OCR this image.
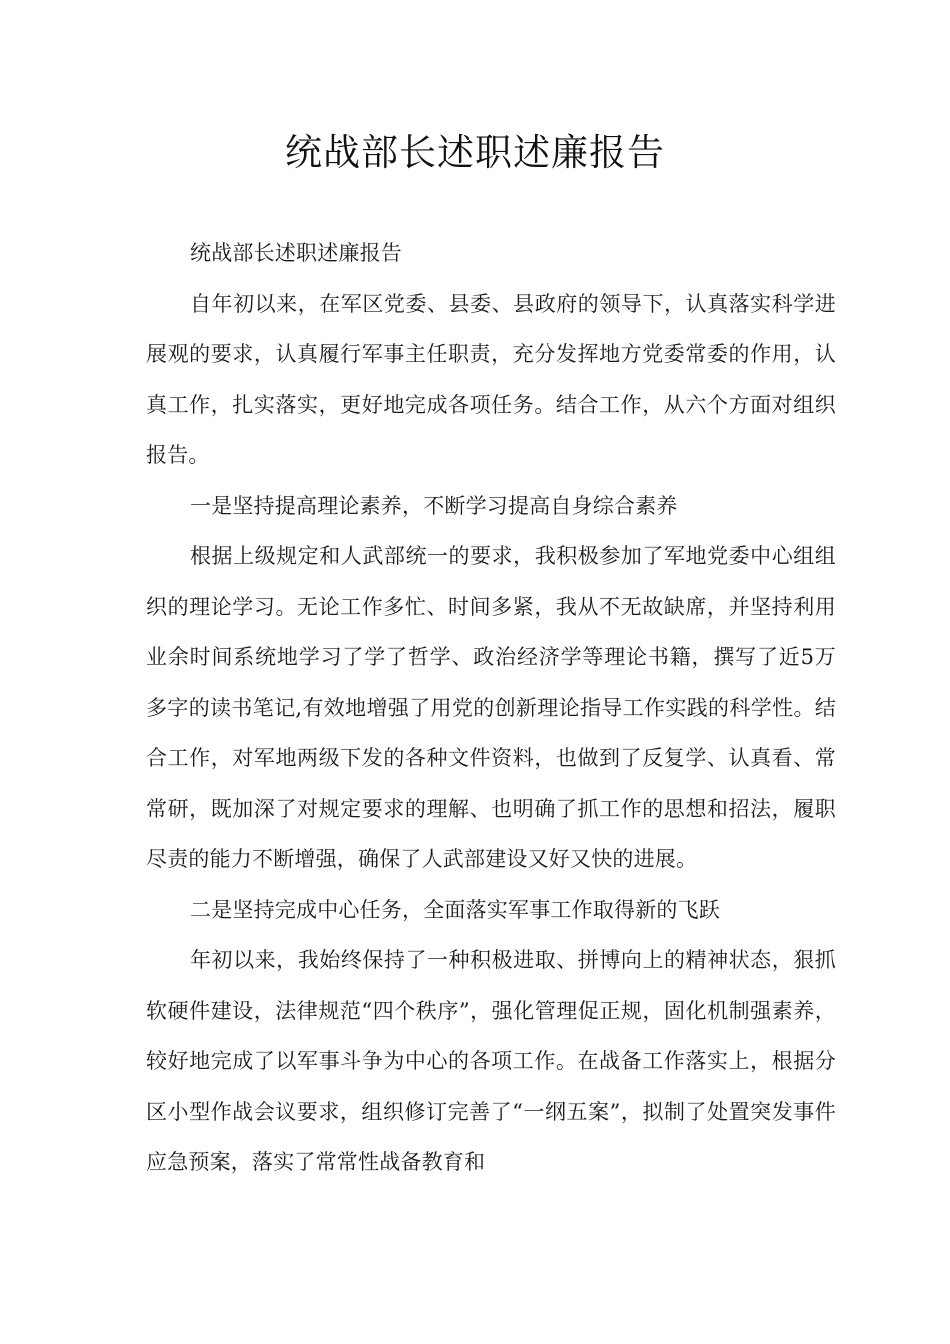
统战部长述职述廉报告

统战部长述职述廉报告

自年初以来，在军区党委、县委、县政府的领导下，认真落实科学进展观的要求，认真履行军事主任职责，充分发挥地方党委常委的作用，认真工作，扎实落实，更好地完成各项任务。结合工作，从六个方面对组织报告。

一是坚持提高理论素养，不断学习提高自身综合素养

根据上级规定和人武部统一的要求，我积极参加了军地党委中心组组织的理论学习。无论工作多忙、时间多紧，我从不无故缺席，并坚持利用业余时间系统地学习了学了哲学、政治经济学等理论书籍，撰写了近5万多字的读书笔记,有效地增强了用党的创新理论指导工作实践的科学性。结合工作，对军地两级下发的各种文件资料，也做到了反复学、认真看、常常研，既加深了对规定要求的理解、也明确了抓工作的思想和招法，履职尽责的能力不断增强，确保了人武部建设又好又快的进展。

二是坚持完成中心任务，全面落实军事工作取得新的飞跃

年初以来，我始终保持了一种积极进取、拼博向上的精神状态，狠抓软硬件建设，法律规范“四个秩序”，强化管理促正规，固化机制强素养，较好地完成了以军事斗争为中心的各项工作。在战备工作落实上，根据分区小型作战会议要求，组织修订完善了“一纲五案”，拟制了处置突发事件应急预案，落实了常常性战备教育和
